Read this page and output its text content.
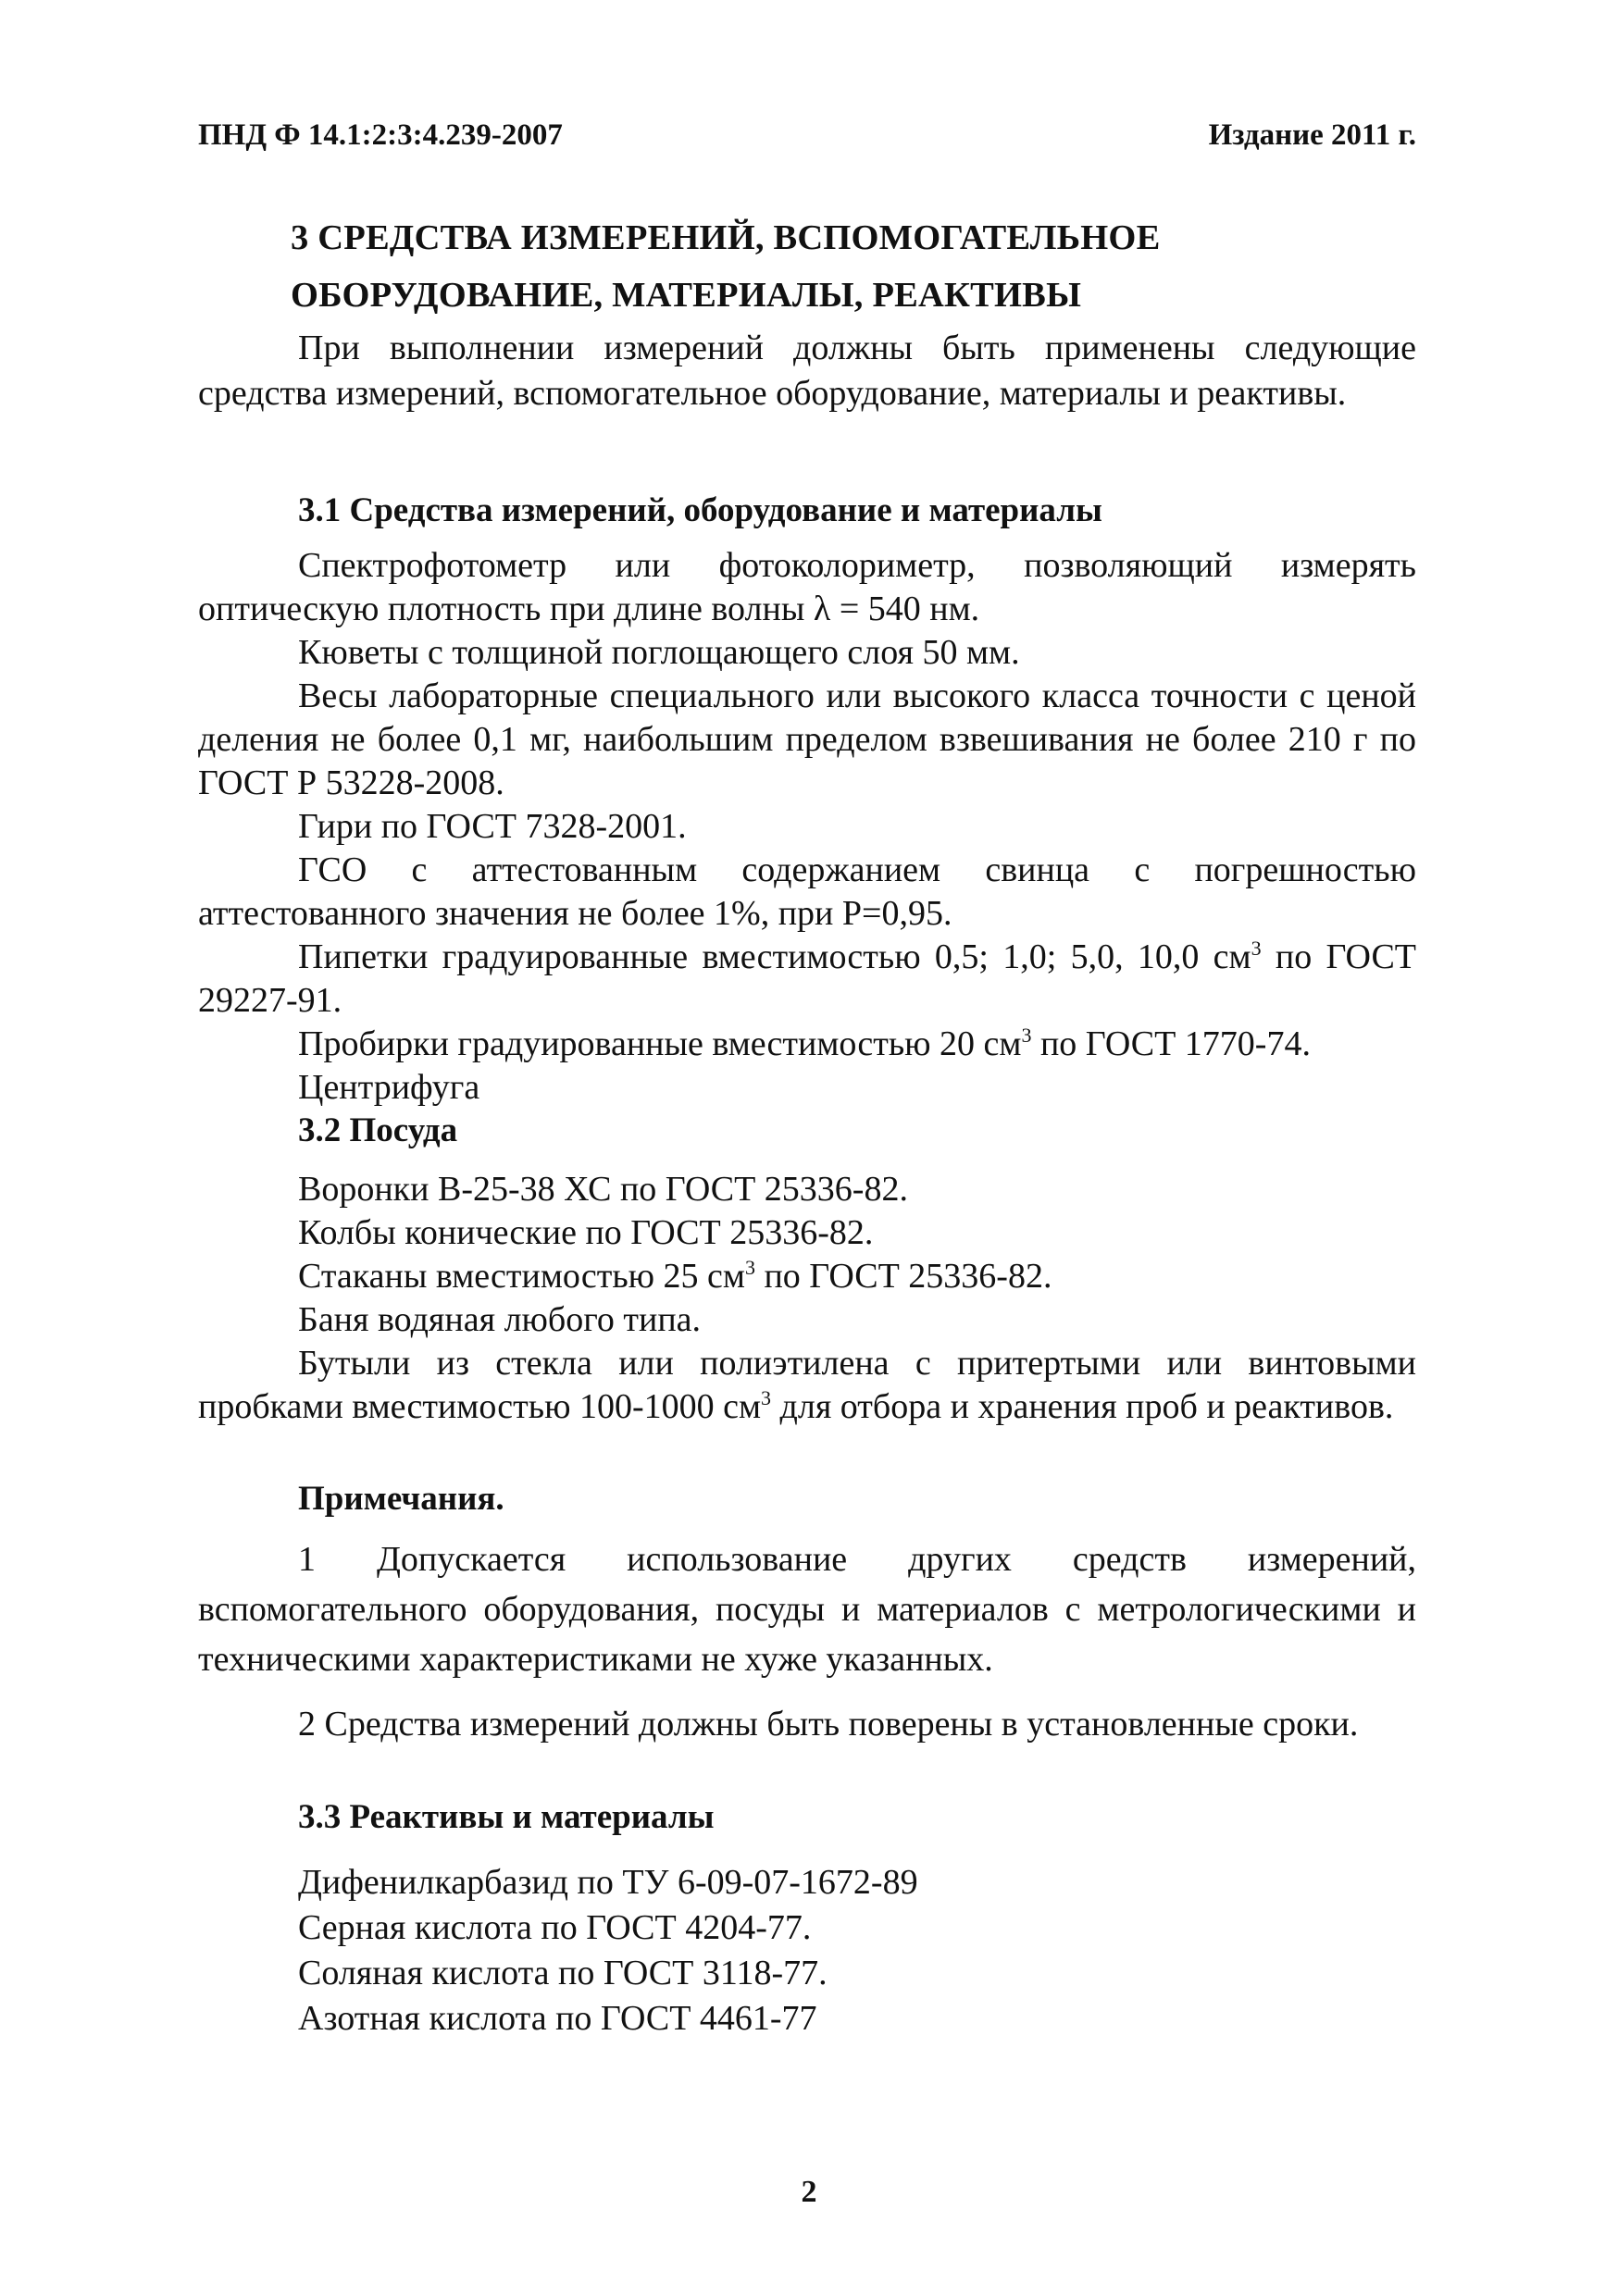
ПНД Ф 14.1:2:3:4.239-2007	Издание 2011 г.
3 СРЕДСТВА ИЗМЕРЕНИЙ, ВСПОМОГАТЕЛЬНОЕ
ОБОРУДОВАНИЕ, МАТЕРИАЛЫ, РЕАКТИВЫ

При выполнении измерений должны быть применены следующие средства измерений, вспомогательное оборудование, материалы и реактивы.

3.1 Средства измерений, оборудование и материалы

Спектрофотометр или фотоколориметр, позволяющий измерять оптическую плотность при длине волны λ = 540 нм.

Кюветы с толщиной поглощающего слоя 50 мм.

Весы лабораторные специального или высокого класса точности с ценой деления не более 0,1 мг, наибольшим пределом взвешивания не более 210 г по ГОСТ Р 53228-2008.

Гири по ГОСТ 7328-2001.

ГСО с аттестованным содержанием свинца с погрешностью аттестованного значения не более 1%, при Р=0,95.

Пипетки градуированные вместимостью 0,5; 1,0; 5,0, 10,0 $см^3$ по ГОСТ 29227-91.

Пробирки градуированные вместимостью 20 $см^3$ по ГОСТ 1770-74.

Центрифуга

3.2 Посуда

Воронки В-25-38 ХС по ГОСТ 25336-82.

Колбы конические по ГОСТ 25336-82.

Стаканы вместимостью 25 $см^3$ по ГОСТ 25336-82.

Баня водяная любого типа.

Бутыли из стекла или полиэтилена с притертыми или винтовыми пробками вместимостью 100-1000 $см^3$ для отбора и хранения проб и реактивов.

Примечания.

1 Допускается использование других средств измерений, вспомогательного оборудования, посуды и материалов с метрологическими и техническими характеристиками не хуже указанных.

2 Средства измерений должны быть поверены в установленные сроки.

3.3 Реактивы и материалы

Дифенилкарбазид по ТУ 6-09-07-1672-89

Серная кислота по ГОСТ 4204-77.

Соляная кислота по ГОСТ 3118-77.

Азотная кислота по ГОСТ 4461-77

2
